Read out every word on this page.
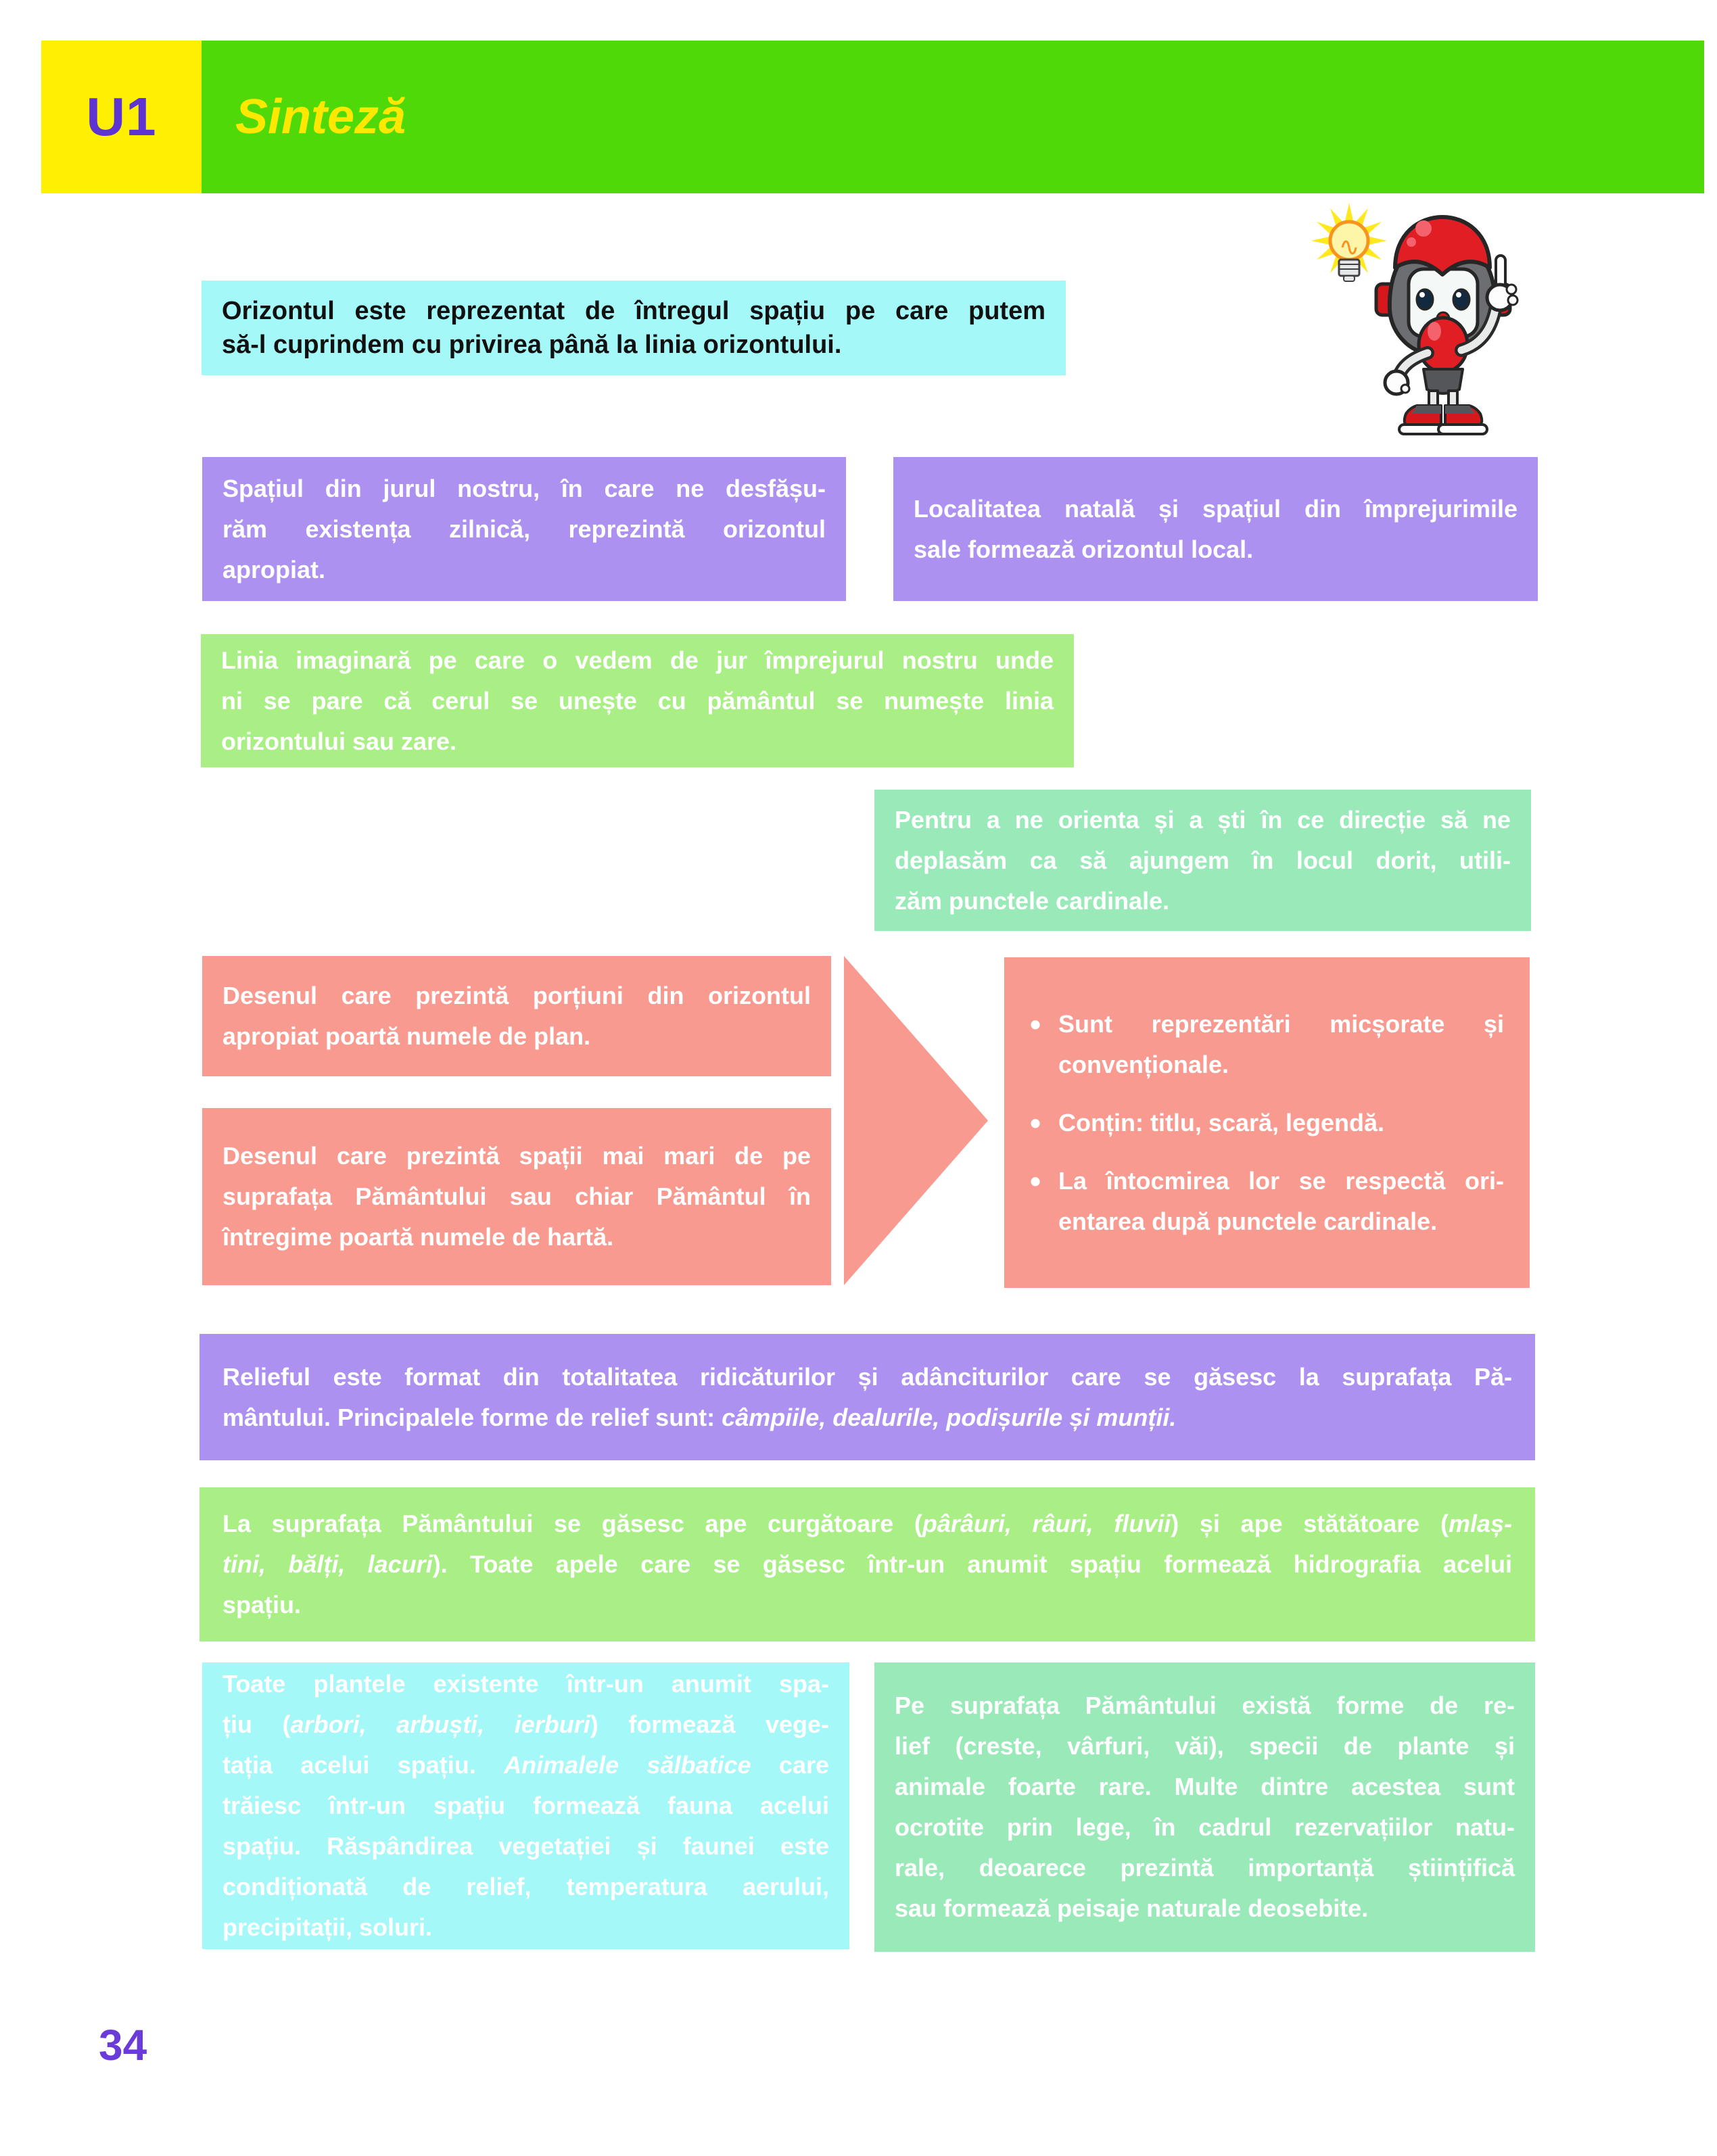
U1 Sinteză
Orizontul este reprezentat de întregul spațiu pe care putem
să-l cuprindem cu privirea până la linia orizontului.
Spațiul din jurul nostru, în care ne desfășu-
răm existența zilnică, reprezintă orizontul
apropiat.
Localitatea natală și spațiul din împrejurimile
sale formează orizontul local.
Linia imaginară pe care o vedem de jur împrejurul nostru unde
ni se pare că cerul se unește cu pământul se numește linia
orizontului sau zare.
Pentru a ne orienta și a ști în ce direcție să ne
deplasăm ca să ajungem în locul dorit, utili-
zăm punctele cardinale.
Desenul care prezintă porțiuni din orizontul
apropiat poartă numele de plan.
Desenul care prezintă spații mai mari de pe
suprafața Pământului sau chiar Pământul în
întregime poartă numele de hartă.
• Sunt reprezentări micșorate și
convenționale.
• Conțin: titlu, scară, legendă.
• La întocmirea lor se respectă ori-
entarea după punctele cardinale.
Relieful este format din totalitatea ridicăturilor și adânciturilor care se găsesc la suprafața Pă-
mântului. Principalele forme de relief sunt: câmpiile, dealurile, podișurile și munții.
La suprafața Pământului se găsesc ape curgătoare (pârâuri, râuri, fluvii) și ape stătătoare (mlaș-
tini, bălți, lacuri). Toate apele care se găsesc într-un anumit spațiu formează hidrografia acelui
spațiu.
Toate plantele existente într-un anumit spa-
țiu (arbori, arbuști, ierburi) formează vege-
tația acelui spațiu. Animalele sălbatice care
trăiesc într-un spațiu formează fauna acelui
spațiu. Răspândirea vegetației și faunei este
condiționată de relief, temperatura aerului,
precipitații, soluri.
Pe suprafața Pământului există forme de re-
lief (creste, vârfuri, văi), specii de plante și
animale foarte rare. Multe dintre acestea sunt
ocrotite prin lege, în cadrul rezervațiilor natu-
rale, deoarece prezintă importanță științifică
sau formează peisaje naturale deosebite.
34
